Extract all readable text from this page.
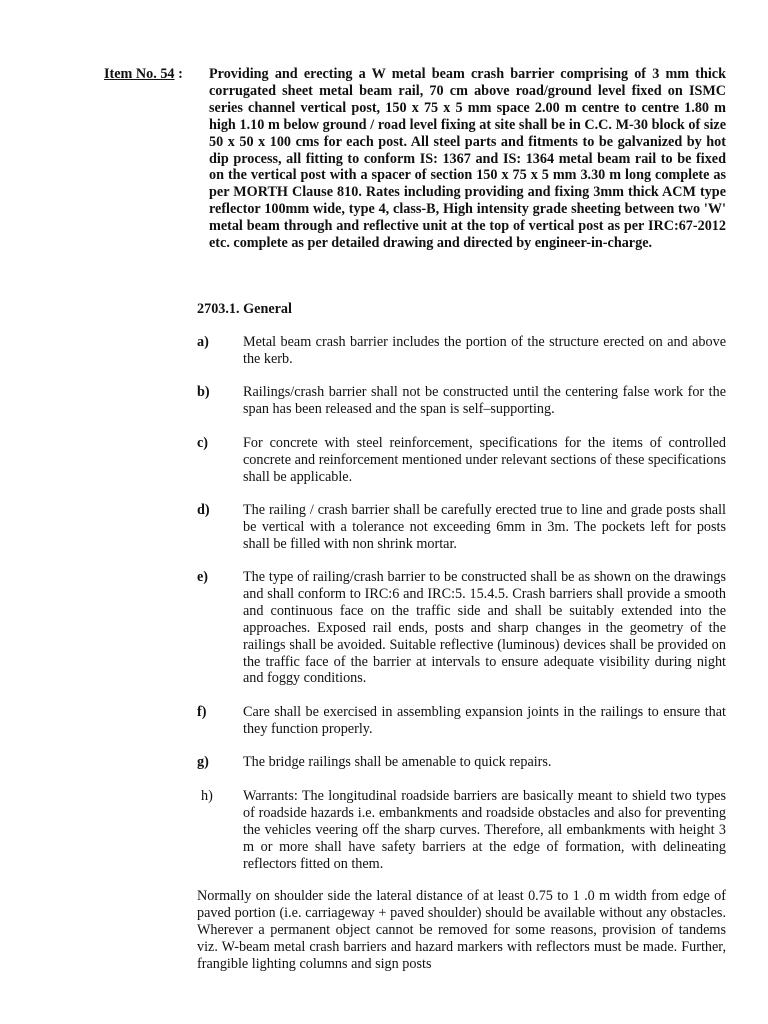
Item No. 54 : Providing and erecting a W metal beam crash barrier comprising of 3 mm thick corrugated sheet metal beam rail, 70 cm above road/ground level fixed on ISMC series channel vertical post, 150 x 75 x 5 mm space 2.00 m centre to centre 1.80 m high 1.10 m below ground / road level fixing at site shall be in C.C. M-30 block of size 50 x 50 x 100 cms for each post. All steel parts and fitments to be galvanized by hot dip process, all fitting to conform IS: 1367 and IS: 1364 metal beam rail to be fixed on the vertical post with a spacer of section 150 x 75 x 5 mm 3.30 m long complete as per MORTH Clause 810. Rates including providing and fixing 3mm thick ACM type reflector 100mm wide, type 4, class-B, High intensity grade sheeting between two 'W' metal beam through and reflective unit at the top of vertical post as per IRC:67-2012 etc. complete as per detailed drawing and directed by engineer-in-charge.
2703.1. General
a) Metal beam crash barrier includes the portion of the structure erected on and above the kerb.
b) Railings/crash barrier shall not be constructed until the centering false work for the span has been released and the span is self–supporting.
c) For concrete with steel reinforcement, specifications for the items of controlled concrete and reinforcement mentioned under relevant sections of these specifications shall be applicable.
d) The railing / crash barrier shall be carefully erected true to line and grade posts shall be vertical with a tolerance not exceeding 6mm in 3m. The pockets left for posts shall be filled with non shrink mortar.
e) The type of railing/crash barrier to be constructed shall be as shown on the drawings and shall conform to IRC:6 and IRC:5. 15.4.5. Crash barriers shall provide a smooth and continuous face on the traffic side and shall be suitably extended into the approaches. Exposed rail ends, posts and sharp changes in the geometry of the railings shall be avoided. Suitable reflective (luminous) devices shall be provided on the traffic face of the barrier at intervals to ensure adequate visibility during night and foggy conditions.
f)	Care shall be exercised in assembling expansion joints in the railings to ensure that they function properly.
g) The bridge railings shall be amenable to quick repairs.
h) Warrants: The longitudinal roadside barriers are basically meant to shield two types of roadside hazards i.e. embankments and roadside obstacles and also for preventing the vehicles veering off the sharp curves. Therefore, all embankments with height 3 m or more shall have safety barriers at the edge of formation, with delineating reflectors fitted on them.
Normally on shoulder side the lateral distance of at least 0.75 to 1 .0 m width from edge of paved portion (i.e. carriageway + paved shoulder) should be available without any obstacles. Wherever a permanent object cannot be removed for some reasons, provision of tandems viz. W-beam metal crash barriers and hazard markers with reflectors must be made. Further, frangible lighting columns and sign posts
